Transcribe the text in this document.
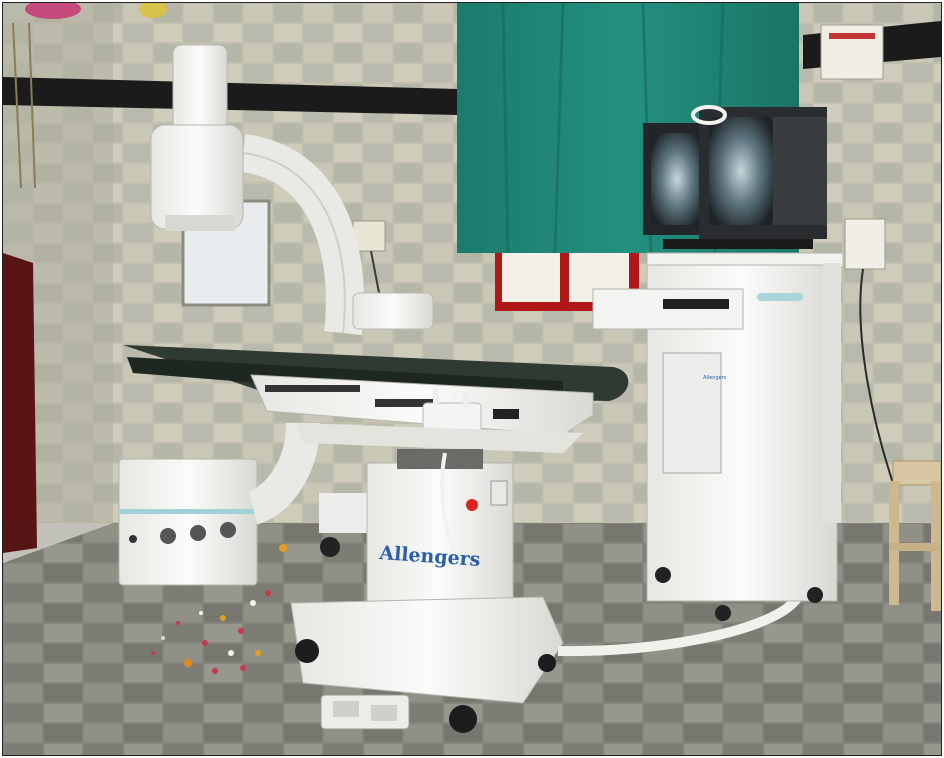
Allengers
Allengers
